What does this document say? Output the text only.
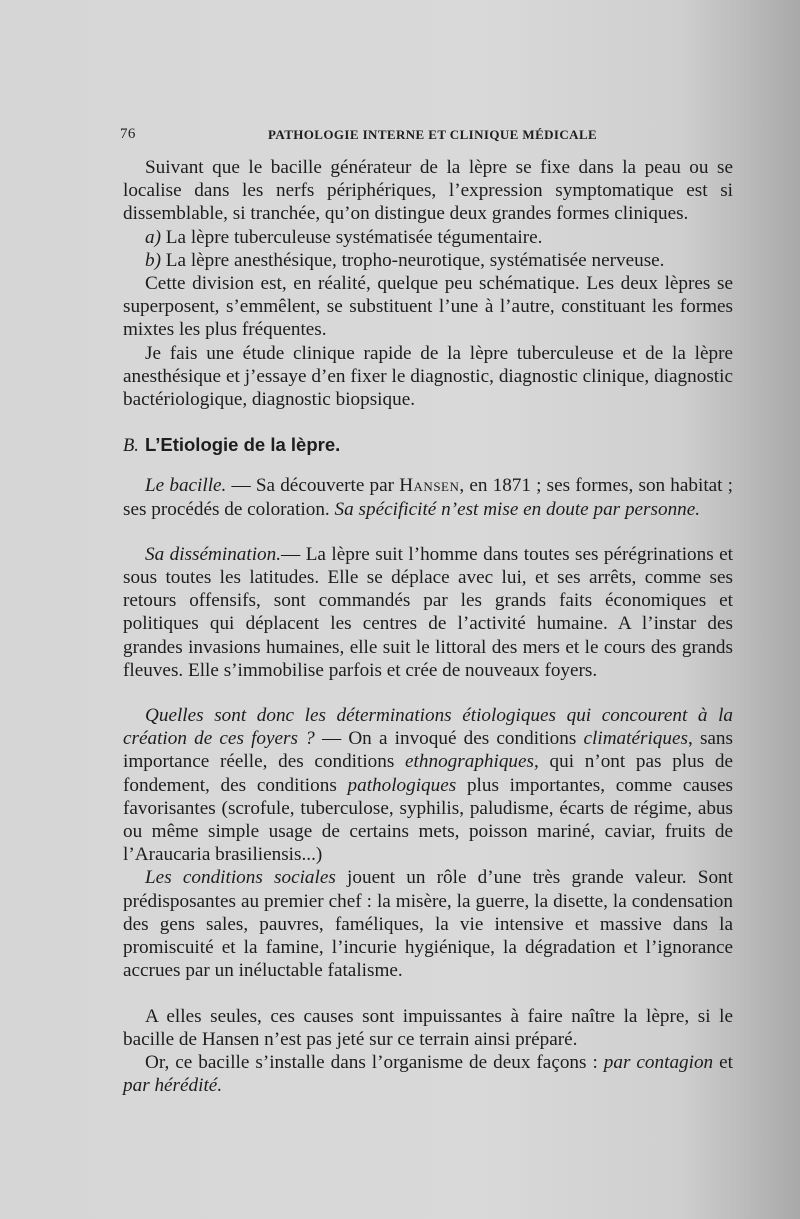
76	PATHOLOGIE INTERNE ET CLINIQUE MÉDICALE

Suivant que le bacille générateur de la lèpre se fixe dans la peau ou se localise dans les nerfs périphériques, l’expression symptomatique est si dissemblable, si tranchée, qu’on distingue deux grandes formes cliniques.

a) La lèpre tuberculeuse systématisée tégumentaire.

b) La lèpre anesthésique, tropho-neurotique, systématisée nerveuse.

Cette division est, en réalité, quelque peu schématique. Les deux lèpres se superposent, s’emmêlent, se substituent l’une à l’autre, constituant les formes mixtes les plus fréquentes.

Je fais une étude clinique rapide de la lèpre tuberculeuse et de la lèpre anesthésique et j’essaye d’en fixer le diagnostic, diagnostic clinique, diagnostic bactériologique, diagnostic biopsique.

B. L’Etiologie de la lèpre.

Le bacille. — Sa découverte par Hansen, en 1871 ; ses formes, son habitat ; ses procédés de coloration. Sa spécificité n’est mise en doute par personne.

Sa dissémination.— La lèpre suit l’homme dans toutes ses pérégrinations et sous toutes les latitudes. Elle se déplace avec lui, et ses arrêts, comme ses retours offensifs, sont commandés par les grands faits économiques et politiques qui déplacent les centres de l’activité humaine. A l’instar des grandes invasions humaines, elle suit le littoral des mers et le cours des grands fleuves. Elle s’immobilise parfois et crée de nouveaux foyers.

Quelles sont donc les déterminations étiologiques qui concourent à la création de ces foyers ? — On a invoqué des conditions climatériques, sans importance réelle, des conditions ethnographiques, qui n’ont pas plus de fondement, des conditions pathologiques plus importantes, comme causes favorisantes (scrofule, tuberculose, syphilis, paludisme, écarts de régime, abus ou même simple usage de certains mets, poisson mariné, caviar, fruits de l’Araucaria brasiliensis...)

Les conditions sociales jouent un rôle d’une très grande valeur. Sont prédisposantes au premier chef : la misère, la guerre, la disette, la condensation des gens sales, pauvres, faméliques, la vie intensive et massive dans la promiscuité et la famine, l’incurie hygiénique, la dégradation et l’ignorance accrues par un inéluctable fatalisme.

A elles seules, ces causes sont impuissantes à faire naître la lèpre, si le bacille de Hansen n’est pas jeté sur ce terrain ainsi préparé.

Or, ce bacille s’installe dans l’organisme de deux façons : par contagion et par hérédité.
